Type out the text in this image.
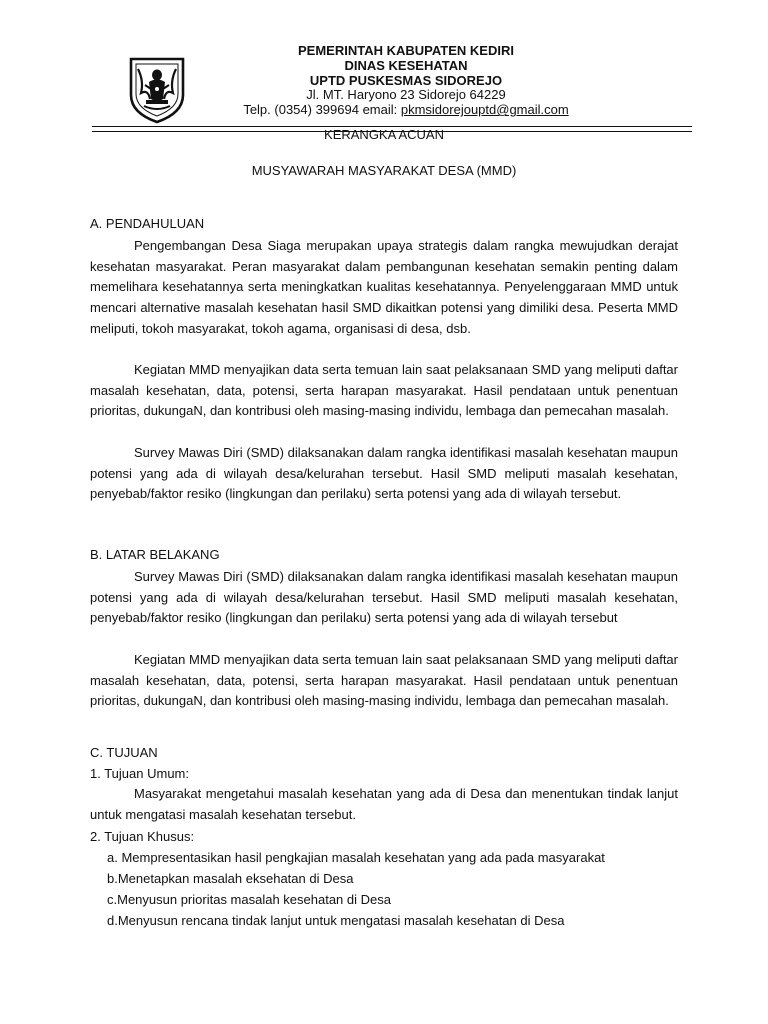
PEMERINTAH KABUPATEN KEDIRI
DINAS KESEHATAN
UPTD PUSKESMAS SIDOREJO
Jl. MT. Haryono 23 Sidorejo 64229
Telp. (0354) 399694 email: pkmsidorejouptd@gmail.com
KERANGKA ACUAN
MUSYAWARAH MASYARAKAT DESA (MMD)
A. PENDAHULUAN
Pengembangan Desa Siaga merupakan upaya strategis dalam rangka mewujudkan derajat kesehatan masyarakat. Peran masyarakat dalam pembangunan kesehatan semakin penting dalam memelihara kesehatannya serta meningkatkan kualitas kesehatannya. Penyelenggaraan MMD untuk mencari alternative masalah kesehatan hasil SMD dikaitkan potensi yang dimiliki desa. Peserta MMD meliputi, tokoh masyarakat, tokoh agama, organisasi di desa, dsb.
Kegiatan MMD menyajikan data serta temuan lain saat pelaksanaan SMD yang meliputi daftar masalah kesehatan, data, potensi, serta harapan masyarakat. Hasil pendataan untuk penentuan prioritas, dukungaN, dan kontribusi oleh masing-masing individu, lembaga dan pemecahan masalah.
Survey Mawas Diri (SMD) dilaksanakan dalam rangka identifikasi masalah kesehatan maupun potensi yang ada di wilayah desa/kelurahan tersebut. Hasil SMD meliputi masalah kesehatan, penyebab/faktor resiko (lingkungan dan perilaku) serta potensi yang ada di wilayah tersebut.
B. LATAR BELAKANG
Survey Mawas Diri (SMD) dilaksanakan dalam rangka identifikasi masalah kesehatan maupun potensi yang ada di wilayah desa/kelurahan tersebut. Hasil SMD meliputi masalah kesehatan, penyebab/faktor resiko (lingkungan dan perilaku) serta potensi yang ada di wilayah tersebut
Kegiatan MMD menyajikan data serta temuan lain saat pelaksanaan SMD yang meliputi daftar masalah kesehatan, data, potensi, serta harapan masyarakat. Hasil pendataan untuk penentuan prioritas, dukungaN, dan kontribusi oleh masing-masing individu, lembaga dan pemecahan masalah.
C. TUJUAN
1. Tujuan Umum:
Masyarakat mengetahui masalah kesehatan yang ada di Desa dan menentukan tindak lanjut untuk mengatasi masalah kesehatan tersebut.
2. Tujuan Khusus:
a. Mempresentasikan hasil pengkajian masalah kesehatan yang ada pada masyarakat
b.Menetapkan masalah eksehatan di Desa
c.Menyusun prioritas masalah kesehatan di Desa
d.Menyusun rencana tindak lanjut untuk mengatasi masalah kesehatan di Desa
